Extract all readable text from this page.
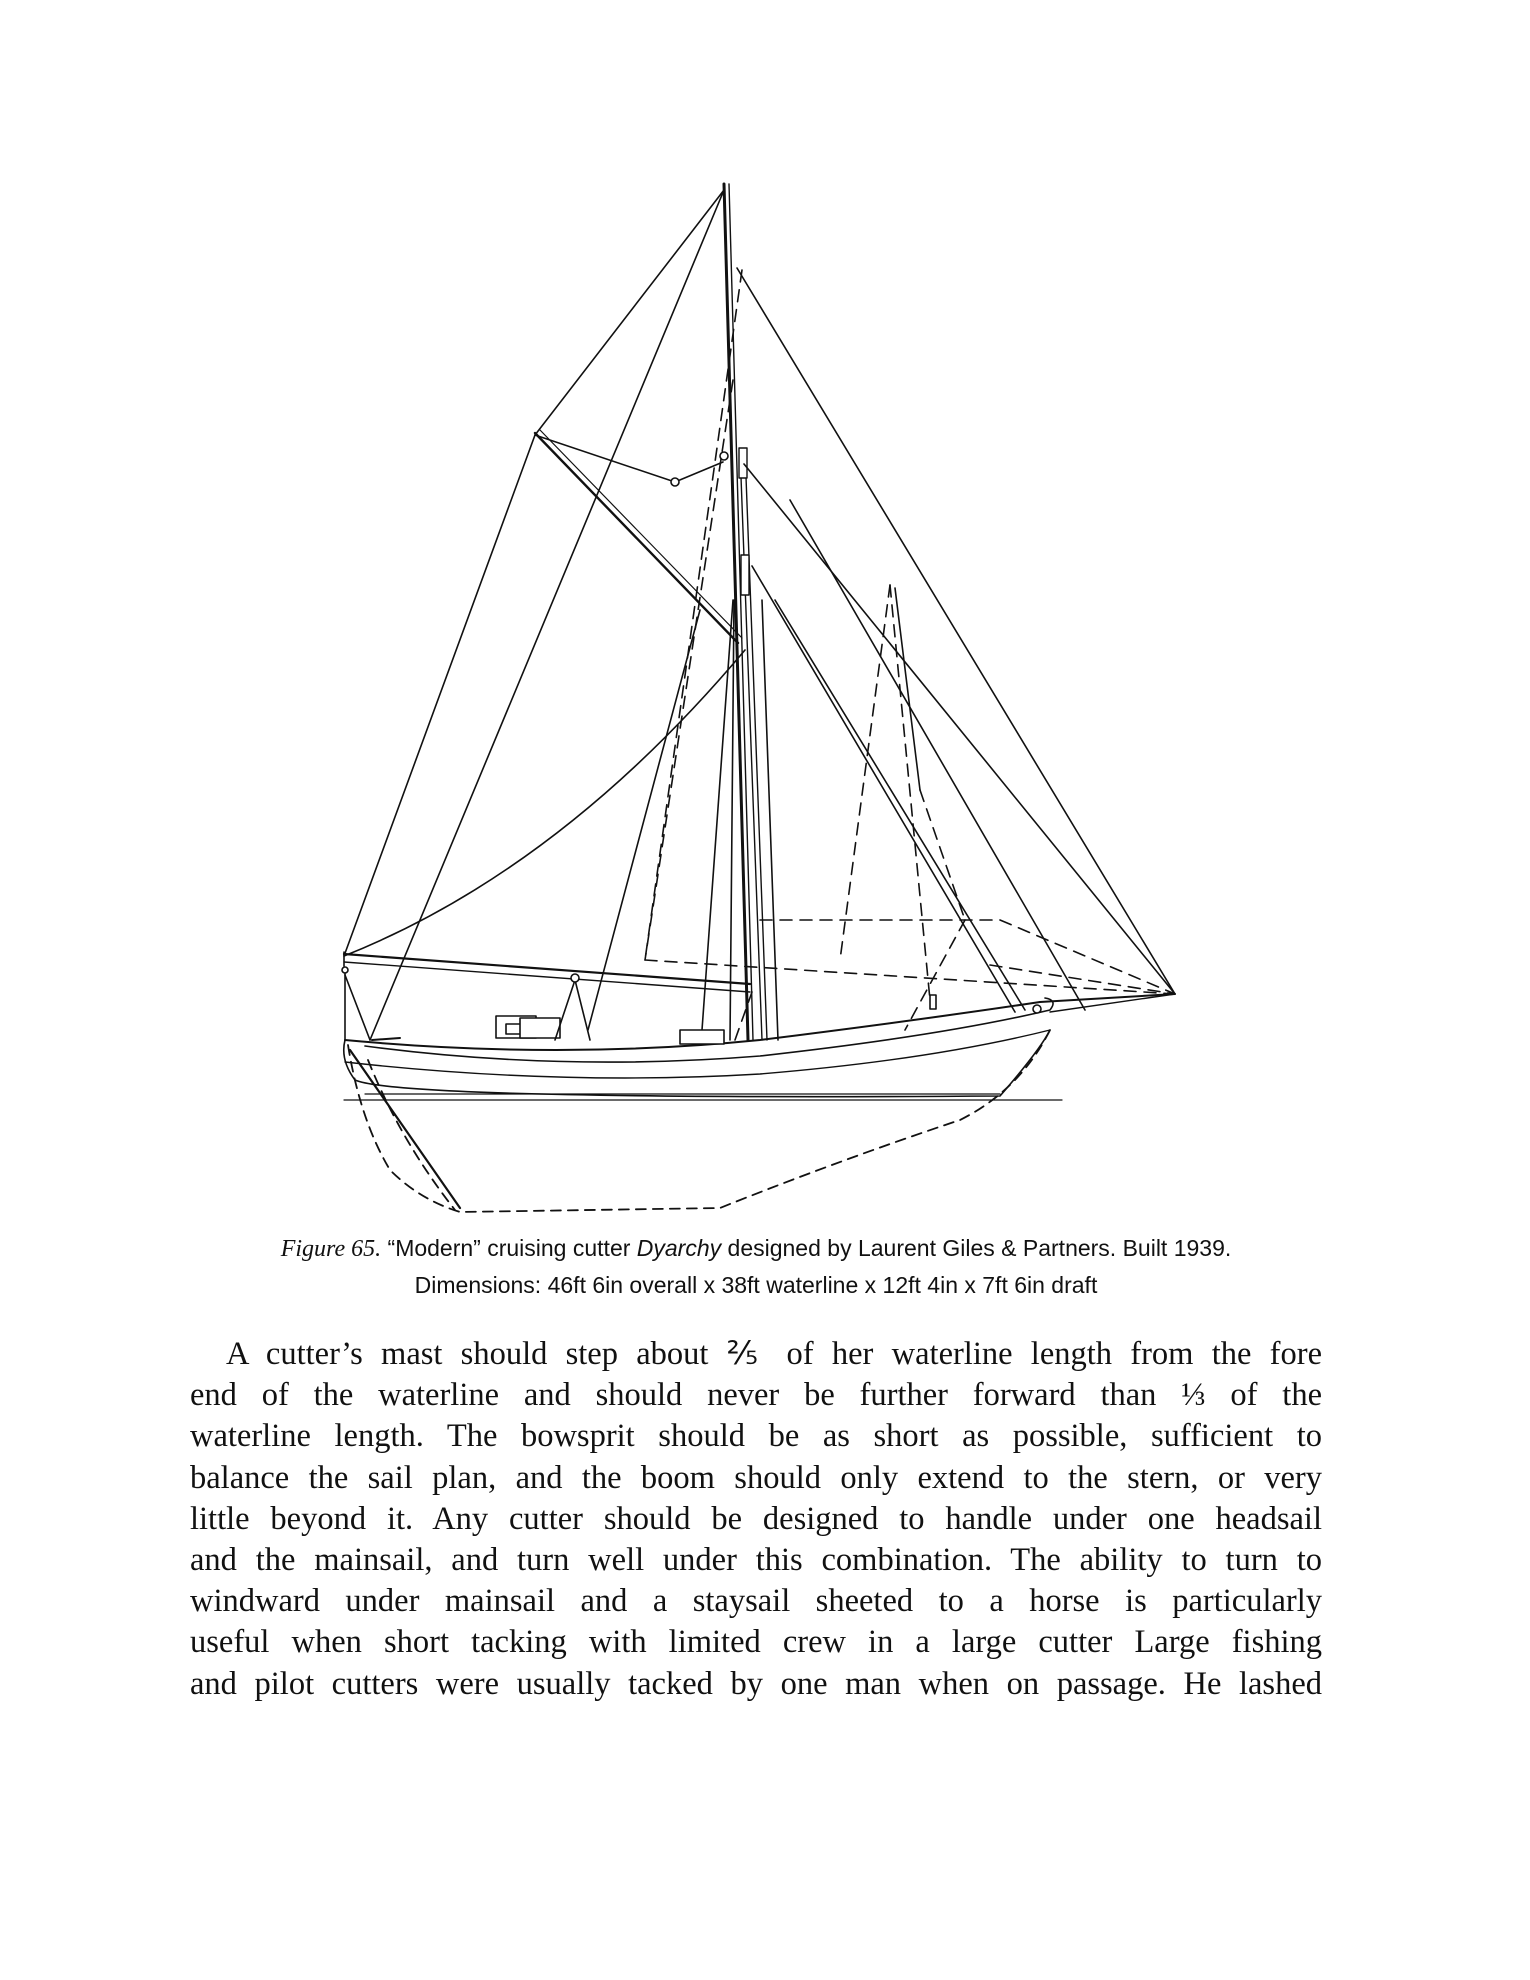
Figure 65. “Modern” cruising cutter Dyarchy designed by Laurent Giles & Partners. Built 1939.
Dimensions: 46ft 6in overall x 38ft waterline x 12ft 4in x 7ft 6in draft
A cutter’s mast should step about ⅖ of her waterline length from the fore
end of the waterline and should never be further forward than ⅓ of the
waterline length. The bowsprit should be as short as possible, sufficient to
balance the sail plan, and the boom should only extend to the stern, or very
little beyond it. Any cutter should be designed to handle under one headsail
and the mainsail, and turn well under this combination. The ability to turn to
windward under mainsail and a staysail sheeted to a horse is particularly
useful when short tacking with limited crew in a large cutter Large fishing
and pilot cutters were usually tacked by one man when on passage. He lashed
